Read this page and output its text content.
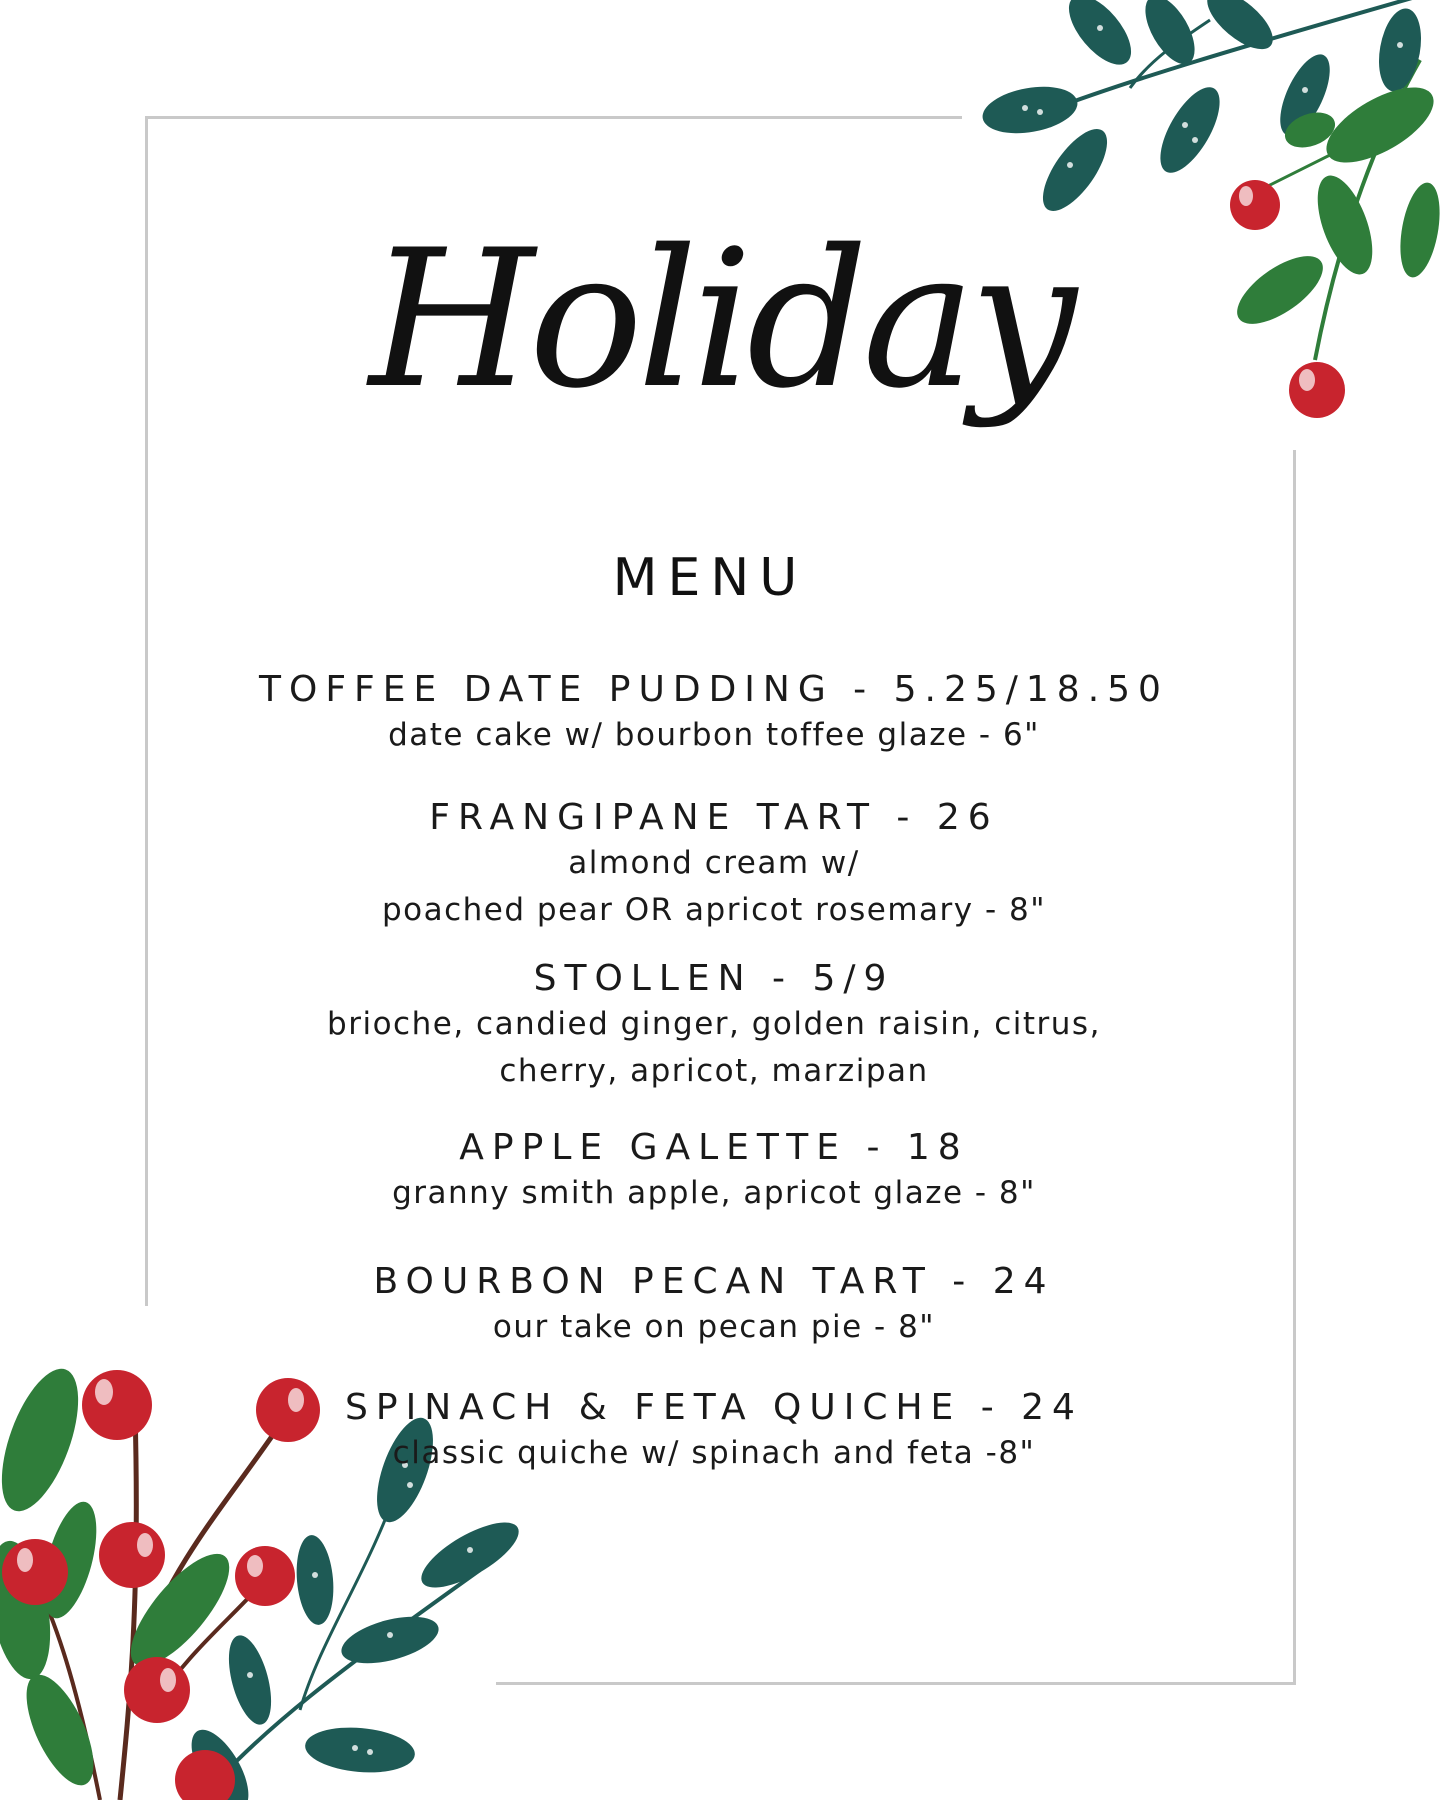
Holiday
MENU
TOFFEE DATE PUDDING - 5.25/18.50
date cake w/ bourbon toffee glaze - 6"
FRANGIPANE TART - 26
almond cream w/
poached pear OR apricot rosemary - 8"
STOLLEN - 5/9
brioche, candied ginger, golden raisin, citrus,
cherry, apricot, marzipan
APPLE GALETTE - 18
granny smith apple, apricot glaze - 8"
BOURBON PECAN TART - 24
our take on pecan pie - 8"
SPINACH & FETA QUICHE - 24
classic quiche w/ spinach and feta -8"
